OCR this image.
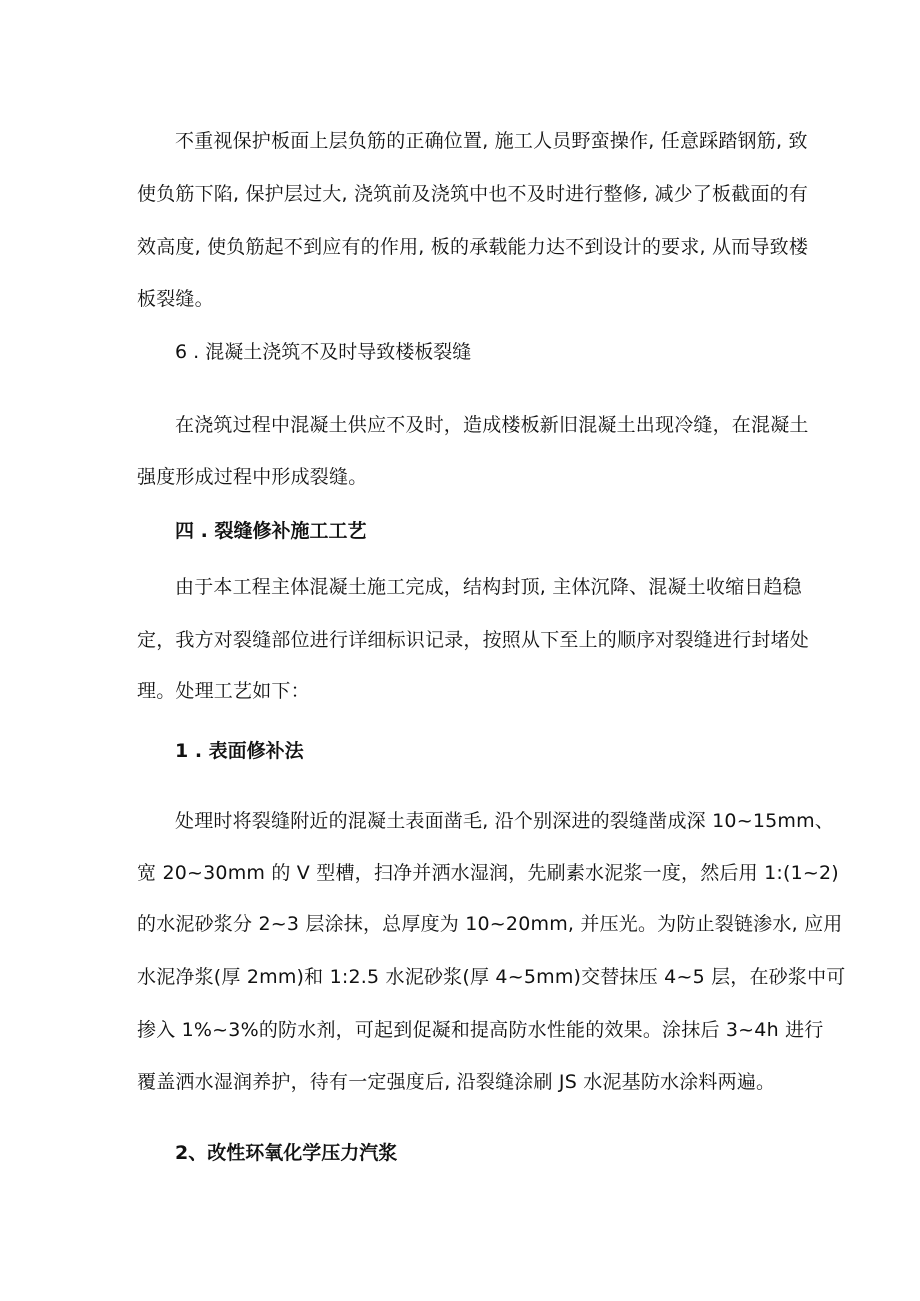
不重视保护板面上层负筋的正确位置, 施工人员野蛮操作, 任意踩踏钢筋, 致
使负筋下陷, 保护层过大, 浇筑前及浇筑中也不及时进行整修, 减少了板截面的有
效高度, 使负筋起不到应有的作用, 板的承载能力达不到设计的要求, 从而导致楼
板裂缝。
6 . 混凝土浇筑不及时导致楼板裂缝
在浇筑过程中混凝土供应不及时，造成楼板新旧混凝土出现冷缝，在混凝土
强度形成过程中形成裂缝。
四 . 裂缝修补施工工艺
由于本工程主体混凝土施工完成，结构封顶, 主体沉降、混凝土收缩日趋稳
定，我方对裂缝部位进行详细标识记录，按照从下至上的顺序对裂缝进行封堵处
理。处理工艺如下：
1 . 表面修补法
处理时将裂缝附近的混凝土表面凿毛, 沿个别深进的裂缝凿成深 10~15mm、
宽 20~30mm 的 V 型槽，扫净并洒水湿润，先刷素水泥浆一度，然后用 1:(1~2)
的水泥砂浆分 2~3 层涂抹，总厚度为 10~20mm, 并压光。为防止裂链渗水, 应用
水泥净浆(厚 2mm)和 1:2.5 水泥砂浆(厚 4~5mm)交替抹压 4~5 层，在砂浆中可
掺入 1%~3%的防水剂，可起到促凝和提高防水性能的效果。涂抹后 3~4h 进行
覆盖洒水湿润养护，待有一定强度后, 沿裂缝涂刷 JS 水泥基防水涂料两遍。
2、改性环氧化学压力汽浆
